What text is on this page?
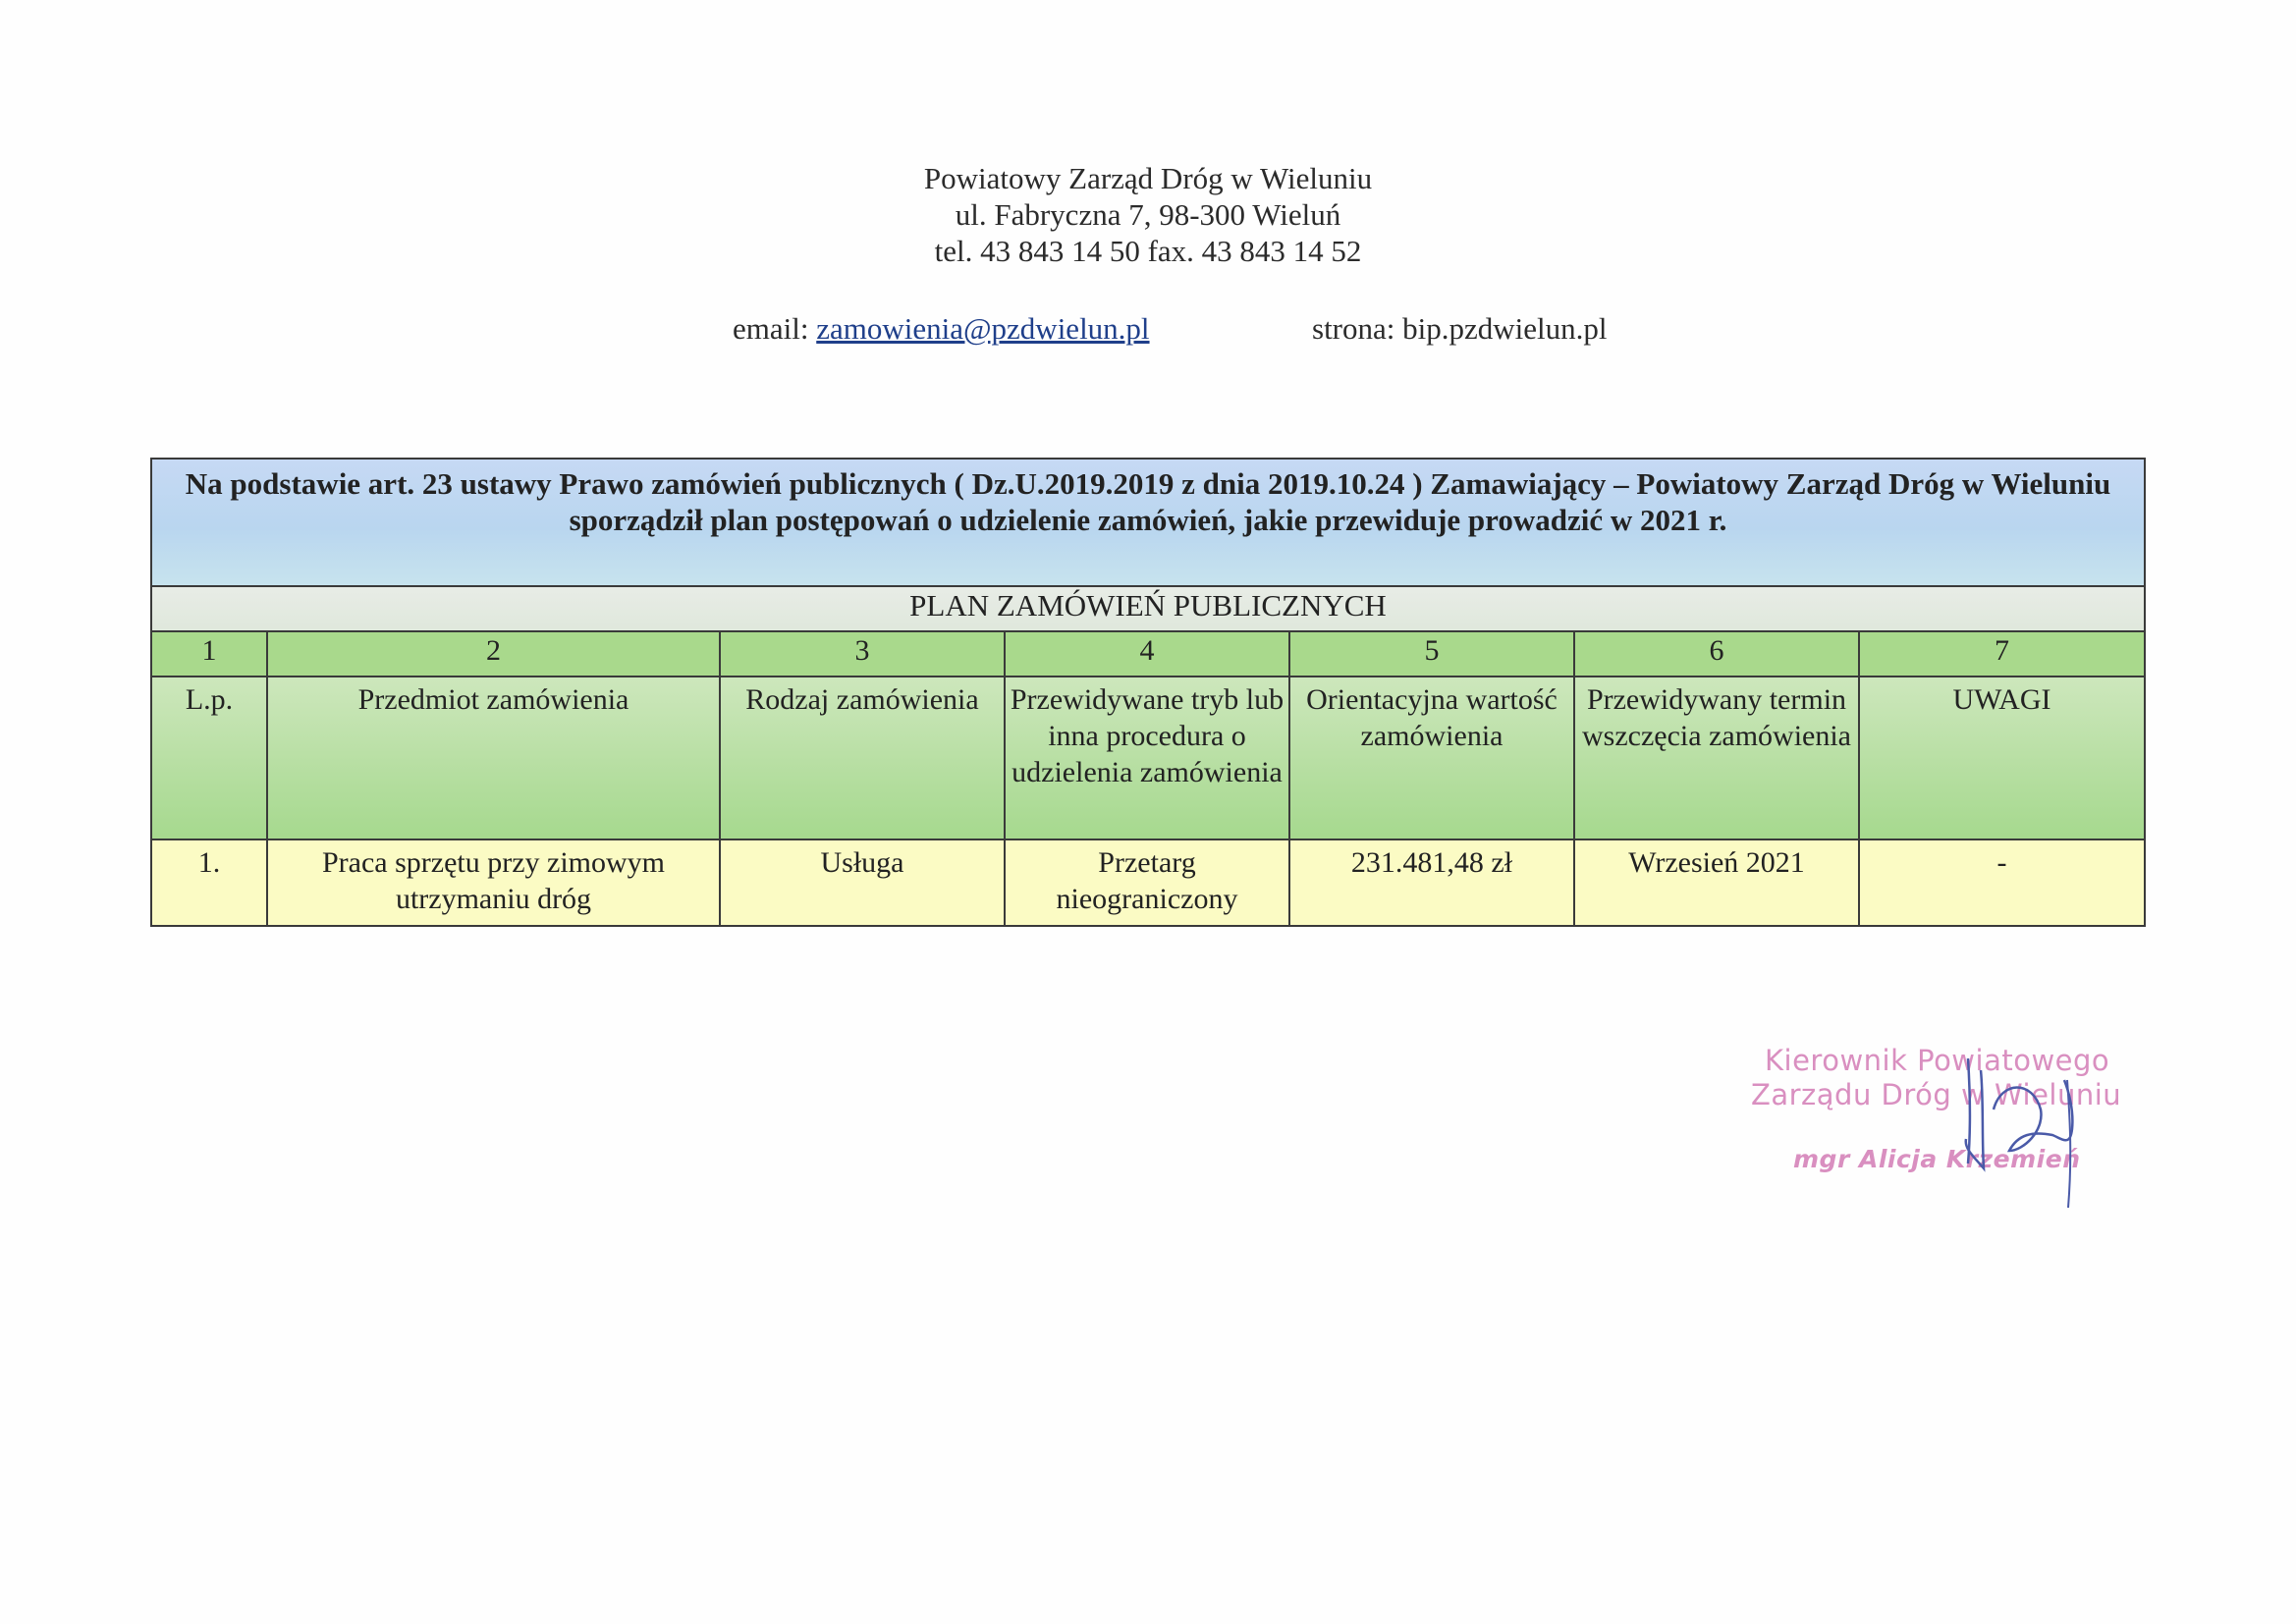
Powiatowy Zarząd Dróg w Wieluniu
ul. Fabryczna 7, 98-300 Wieluń
tel. 43 843 14 50 fax. 43 843 14 52
email: zamowienia@pzdwielun.pl	strona: bip.pzdwielun.pl
Na podstawie art. 23 ustawy Prawo zamówień publicznych ( Dz.U.2019.2019 z dnia 2019.10.24 ) Zamawiający – Powiatowy Zarząd Dróg w Wieluniu sporządził plan postępowań o udzielenie zamówień, jakie przewiduje prowadzić w 2021 r.						
PLAN ZAMÓWIEŃ PUBLICZNYCH						
1	2	3	4	5	6	7
L.p.	Przedmiot zamówienia	Rodzaj zamówienia	Przewidywane tryb lub inna procedura o udzielenia zamówienia	Orientacyjna wartość zamówienia	Przewidywany termin wszczęcia zamówienia	UWAGI
1.	Praca sprzętu przy zimowym utrzymaniu dróg	Usługa	Przetarg nieograniczony	231.481,48 zł	Wrzesień 2021	-
Kierownik Powiatowego
Zarządu Dróg w Wieluniu
mgr Alicja Krzemień
